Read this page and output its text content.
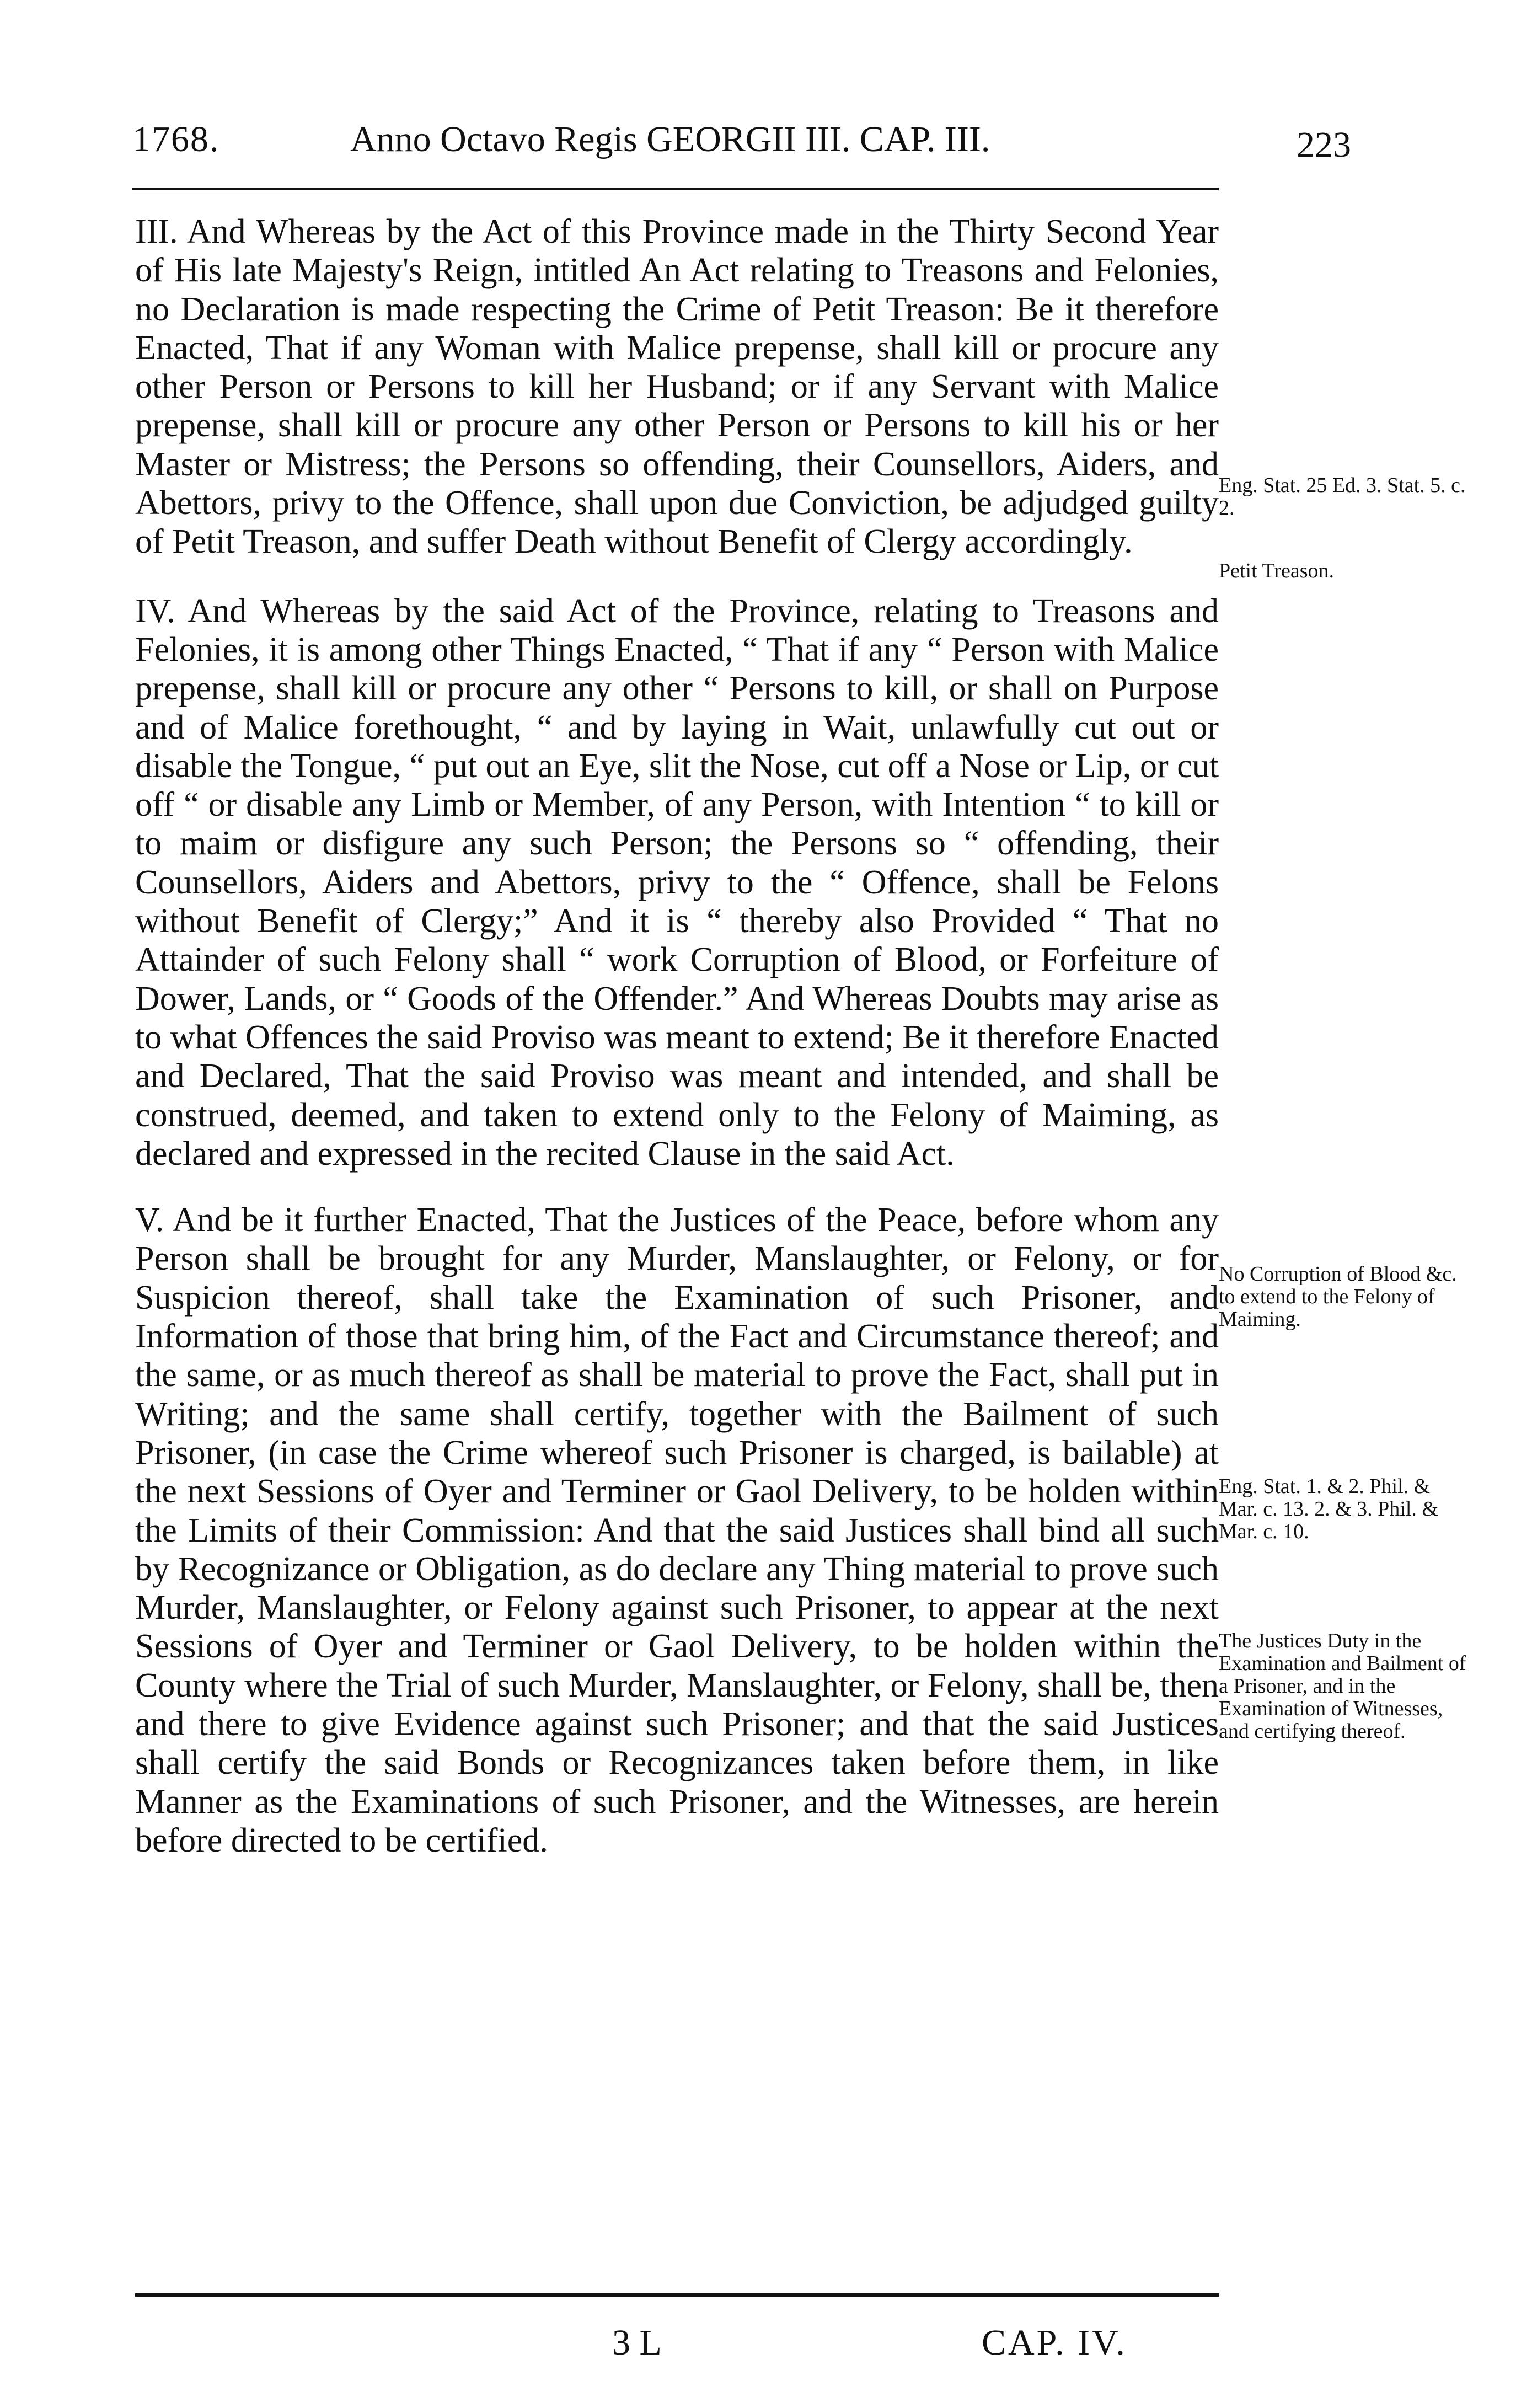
1768.	Anno Octavo Regis GEORGII III. CAP. III.	223

III. And Whereas by the Act of this Province made in the Thirty Second Year of His late Majesty's Reign, intitled An Act relating to Treasons and Felonies, no Declaration is made respecting the Crime of Petit Treason: Be it therefore Enacted, That if any Woman with Malice prepense, shall kill or procure any other Person or Persons to kill her Husband; or if any Servant with Malice prepense, shall kill or procure any other Person or Persons to kill his or her Master or Mistress; the Persons so offending, their Counsellors, Aiders, and Abettors, privy to the Offence, shall upon due Conviction, be adjudged guilty of Petit Treason, and suffer Death without Benefit of Clergy accordingly.

IV. And Whereas by the said Act of the Province, relating to Treasons and Felonies, it is among other Things Enacted, “ That if any “ Person with Malice prepense, shall kill or procure any other “ Persons to kill, or shall on Purpose and of Malice forethought, “ and by laying in Wait, unlawfully cut out or disable the Tongue, “ put out an Eye, slit the Nose, cut off a Nose or Lip, or cut off “ or disable any Limb or Member, of any Person, with Intention “ to kill or to maim or disfigure any such Person; the Persons so “ offending, their Counsellors, Aiders and Abettors, privy to the “ Offence, shall be Felons without Benefit of Clergy;” And it is “ thereby also Provided “ That no Attainder of such Felony shall “ work Corruption of Blood, or Forfeiture of Dower, Lands, or “ Goods of the Offender.” And Whereas Doubts may arise as to what Offences the said Proviso was meant to extend; Be it therefore Enacted and Declared, That the said Proviso was meant and intended, and shall be construed, deemed, and taken to extend only to the Felony of Maiming, as declared and expressed in the recited Clause in the said Act.

V. And be it further Enacted, That the Justices of the Peace, before whom any Person shall be brought for any Murder, Manslaughter, or Felony, or for Suspicion thereof, shall take the Examination of such Prisoner, and Information of those that bring him, of the Fact and Circumstance thereof; and the same, or as much thereof as shall be material to prove the Fact, shall put in Writing; and the same shall certify, together with the Bailment of such Prisoner, (in case the Crime whereof such Prisoner is charged, is bailable) at the next Sessions of Oyer and Terminer or Gaol Delivery, to be holden within the Limits of their Commission: And that the said Justices shall bind all such by Recognizance or Obligation, as do declare any Thing material to prove such Murder, Manslaughter, or Felony against such Prisoner, to appear at the next Sessions of Oyer and Terminer or Gaol Delivery, to be holden within the County where the Trial of such Murder, Manslaughter, or Felony, shall be, then and there to give Evidence against such Prisoner; and that the said Justices shall certify the said Bonds or Recognizances taken before them, in like Manner as the Examinations of such Prisoner, and the Witnesses, are herein before directed to be certified.

Eng. Stat. 25 Ed. 3. Stat. 5. c. 2.
Petit Treason.
No Corruption of Blood &c. to extend to the Felony of Maiming.
Eng. Stat. 1. & 2. Phil. & Mar. c. 13. 2. & 3. Phil. & Mar. c. 10.
The Justices Duty in the Examination and Bailment of a Prisoner, and in the Examination of Witnesses, and certifying thereof.
3 L	CAP. IV.
